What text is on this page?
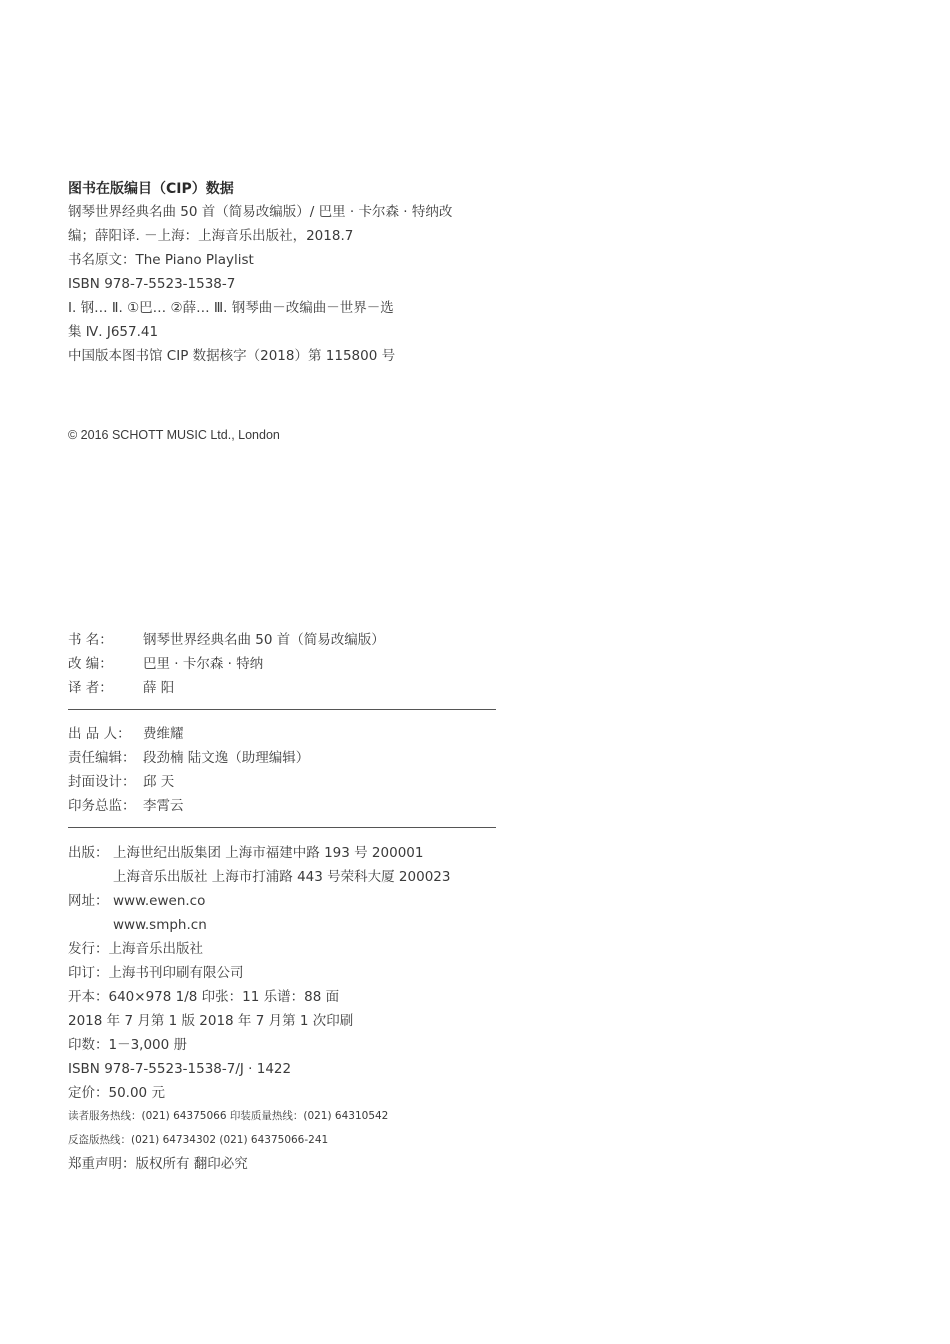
图书在版编目（CIP）数据
钢琴世界经典名曲 50 首（简易改编版）/ 巴里 · 卡尔森 · 特纳改
编；薛阳译. －上海：上海音乐出版社，2018.7
书名原文：The Piano Playlist
ISBN 978-7-5523-1538-7
Ⅰ. 钢… Ⅱ. ①巴… ②薛… Ⅲ. 钢琴曲－改编曲－世界－选
集 Ⅳ. J657.41
中国版本图书馆 CIP 数据核字（2018）第 115800 号
© 2016 SCHOTT MUSIC Ltd., London
书 名： 钢琴世界经典名曲 50 首（简易改编版）
改 编： 巴里 · 卡尔森 · 特纳
译 者： 薛 阳
出 品 人： 费维耀
责任编辑： 段劲楠 陆文逸（助理编辑）
封面设计： 邱 天
印务总监： 李霄云
出版： 上海世纪出版集团 上海市福建中路 193 号 200001
上海音乐出版社 上海市打浦路 443 号荣科大厦 200023
网址： www.ewen.co
www.smph.cn
发行：上海音乐出版社
印订：上海书刊印刷有限公司
开本：640×978 1/8 印张：11 乐谱：88 面
2018 年 7 月第 1 版 2018 年 7 月第 1 次印刷
印数：1－3,000 册
ISBN 978-7-5523-1538-7/J · 1422
定价：50.00 元
读者服务热线：(021) 64375066 印装质量热线：(021) 64310542
反盗版热线：(021) 64734302 (021) 64375066-241
郑重声明：版权所有 翻印必究
